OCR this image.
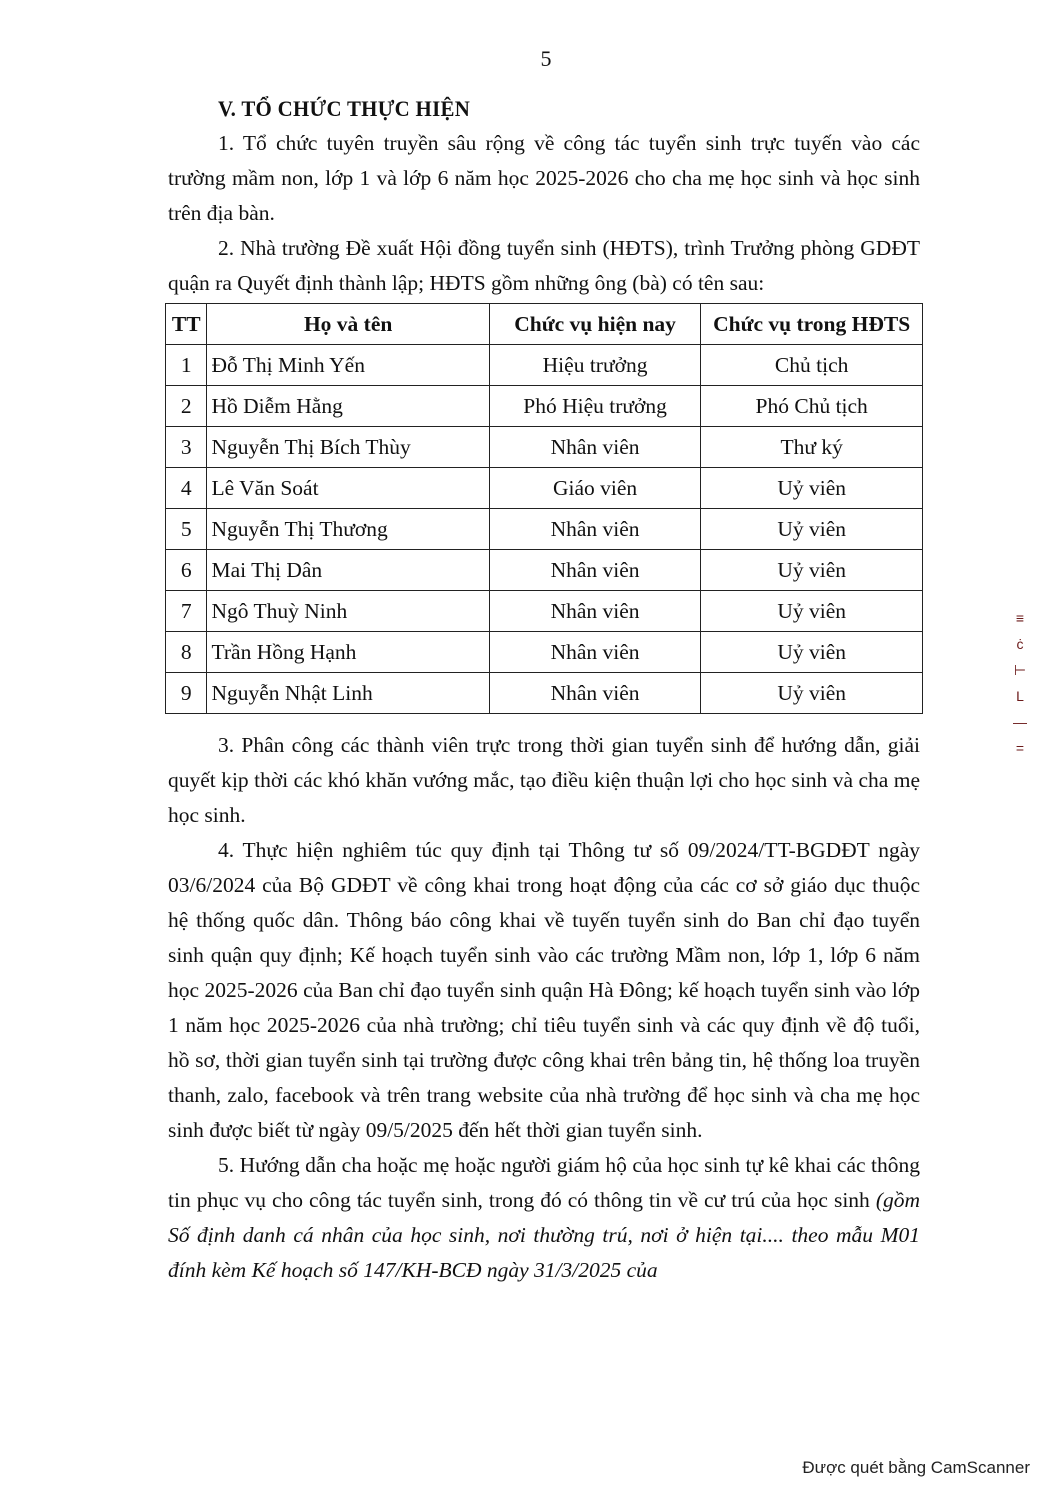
5
V. TỔ CHỨC THỰC HIỆN

1. Tổ chức tuyên truyền sâu rộng về công tác tuyển sinh trực tuyến vào các trường mầm non, lớp 1 và lớp 6 năm học 2025-2026 cho cha mẹ học sinh và học sinh trên địa bàn.

2. Nhà trường Đề xuất Hội đồng tuyển sinh (HĐTS), trình Trưởng phòng GDĐT quận ra Quyết định thành lập; HĐTS gồm những ông (bà) có tên sau:

TT	Họ và tên	Chức vụ hiện nay	Chức vụ trong HĐTS
1	Đỗ Thị Minh Yến	Hiệu trưởng	Chủ tịch
2	Hồ Diễm Hằng	Phó Hiệu trưởng	Phó Chủ tịch
3	Nguyễn Thị Bích Thùy	Nhân viên	Thư ký
4	Lê Văn Soát	Giáo viên	Uỷ viên
5	Nguyễn Thị Thương	Nhân viên	Uỷ viên
6	Mai Thị Dân	Nhân viên	Uỷ viên
7	Ngô Thuỳ Ninh	Nhân viên	Uỷ viên
8	Trần Hồng Hạnh	Nhân viên	Uỷ viên
9	Nguyễn Nhật Linh	Nhân viên	Uỷ viên

3. Phân công các thành viên trực trong thời gian tuyển sinh để hướng dẫn, giải quyết kịp thời các khó khăn vướng mắc, tạo điều kiện thuận lợi cho học sinh và cha mẹ học sinh.

4. Thực hiện nghiêm túc quy định tại Thông tư số 09/2024/TT-BGDĐT ngày 03/6/2024 của Bộ GDĐT về công khai trong hoạt động của các cơ sở giáo dục thuộc hệ thống quốc dân. Thông báo công khai về tuyến tuyển sinh do Ban chỉ đạo tuyển sinh quận quy định; Kế hoạch tuyển sinh vào các trường Mầm non, lớp 1, lớp 6 năm học 2025-2026 của Ban chỉ đạo tuyển sinh quận Hà Đông; kế hoạch tuyển sinh vào lớp 1 năm học 2025-2026 của nhà trường; chỉ tiêu tuyển sinh và các quy định về độ tuổi, hồ sơ, thời gian tuyển sinh tại trường được công khai trên bảng tin, hệ thống loa truyền thanh, zalo, facebook và trên trang website của nhà trường để học sinh và cha mẹ học sinh được biết từ ngày 09/5/2025 đến hết thời gian tuyển sinh.

5. Hướng dẫn cha hoặc mẹ hoặc người giám hộ của học sinh tự kê khai các thông tin phục vụ cho công tác tuyển sinh, trong đó có thông tin về cư trú của học sinh (gồm Số định danh cá nhân của học sinh, nơi thường trú, nơi ở hiện tại.... theo mẫu M01 đính kèm Kế hoạch số 147/KH-BCĐ ngày 31/3/2025 của

≡
ċ
⊢
L
—
=
Được quét bằng CamScanner
